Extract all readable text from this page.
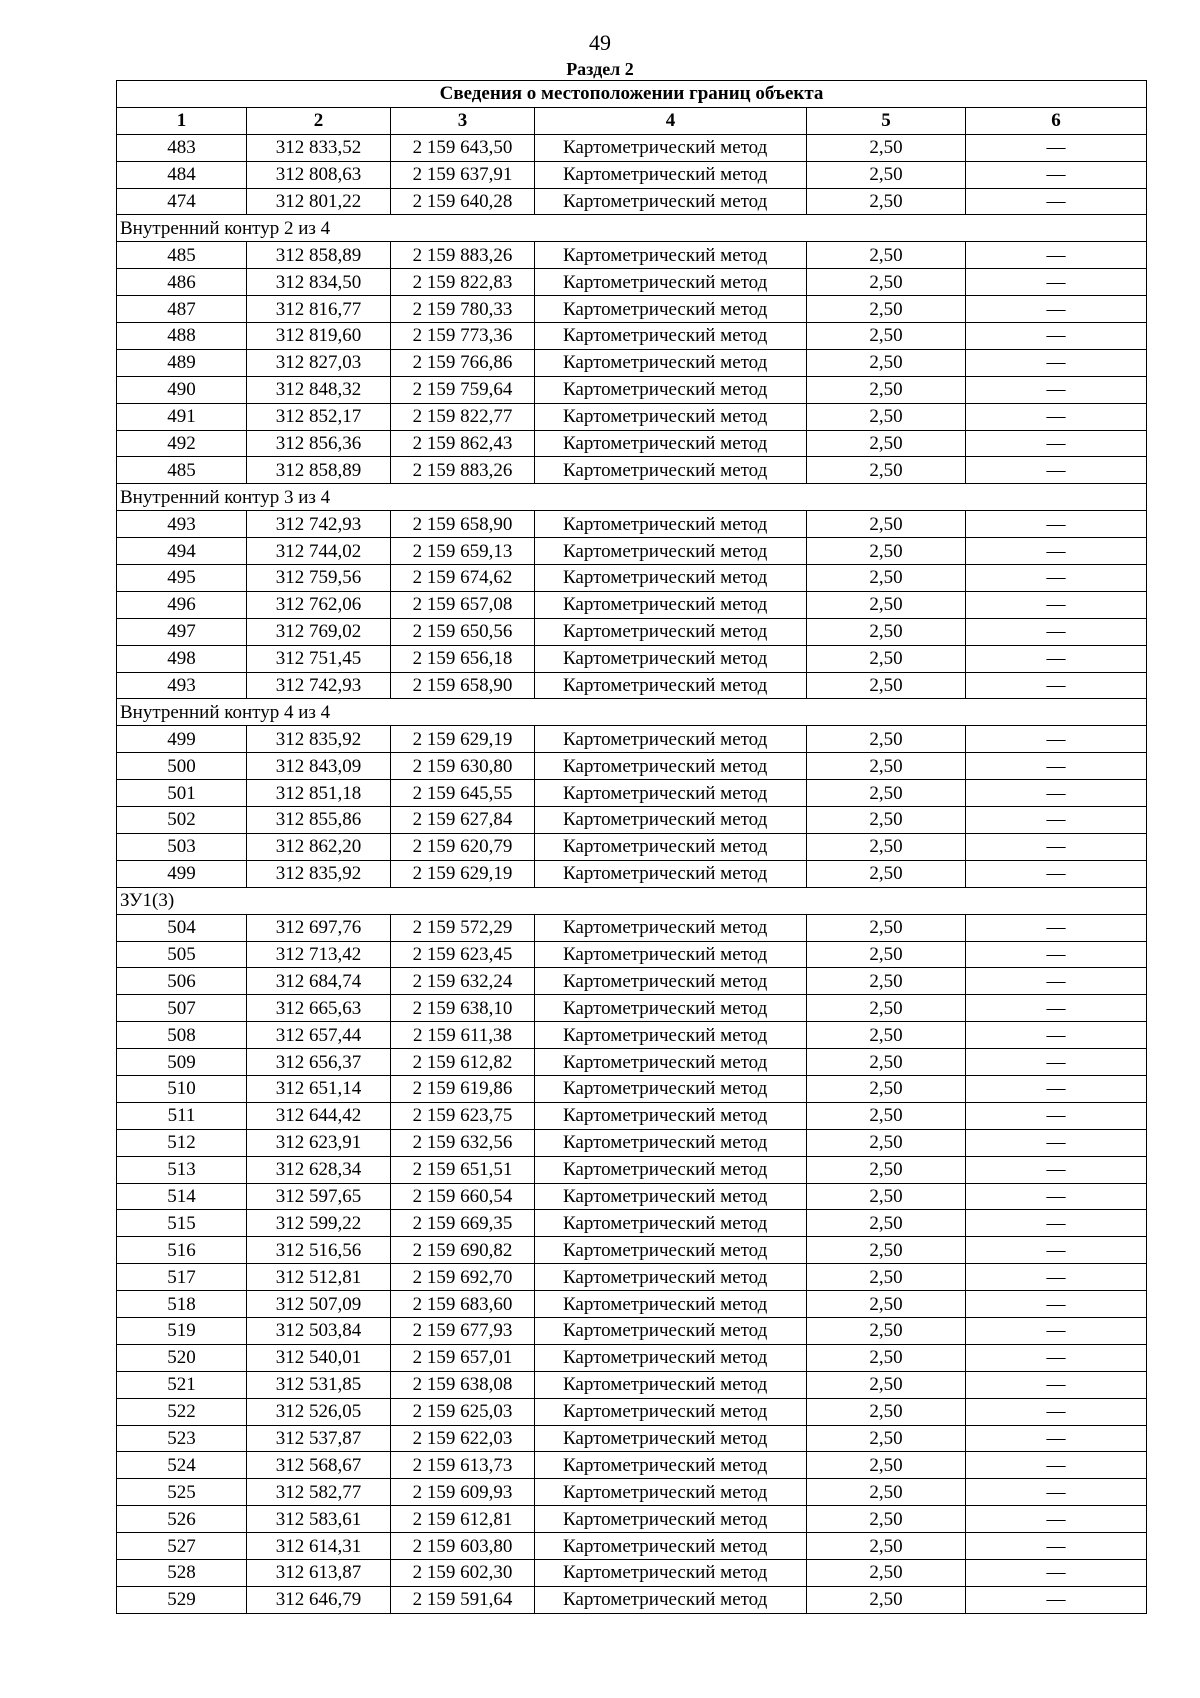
49
Раздел 2
Сведения о местоположении границ объекта					
1	2	3	4	5	6
483	312 833,52	2 159 643,50	Картометрический метод	2,50	—
484	312 808,63	2 159 637,91	Картометрический метод	2,50	—
474	312 801,22	2 159 640,28	Картометрический метод	2,50	—
Внутренний контур 2 из 4					
485	312 858,89	2 159 883,26	Картометрический метод	2,50	—
486	312 834,50	2 159 822,83	Картометрический метод	2,50	—
487	312 816,77	2 159 780,33	Картометрический метод	2,50	—
488	312 819,60	2 159 773,36	Картометрический метод	2,50	—
489	312 827,03	2 159 766,86	Картометрический метод	2,50	—
490	312 848,32	2 159 759,64	Картометрический метод	2,50	—
491	312 852,17	2 159 822,77	Картометрический метод	2,50	—
492	312 856,36	2 159 862,43	Картометрический метод	2,50	—
485	312 858,89	2 159 883,26	Картометрический метод	2,50	—
Внутренний контур 3 из 4					
493	312 742,93	2 159 658,90	Картометрический метод	2,50	—
494	312 744,02	2 159 659,13	Картометрический метод	2,50	—
495	312 759,56	2 159 674,62	Картометрический метод	2,50	—
496	312 762,06	2 159 657,08	Картометрический метод	2,50	—
497	312 769,02	2 159 650,56	Картометрический метод	2,50	—
498	312 751,45	2 159 656,18	Картометрический метод	2,50	—
493	312 742,93	2 159 658,90	Картометрический метод	2,50	—
Внутренний контур 4 из 4					
499	312 835,92	2 159 629,19	Картометрический метод	2,50	—
500	312 843,09	2 159 630,80	Картометрический метод	2,50	—
501	312 851,18	2 159 645,55	Картометрический метод	2,50	—
502	312 855,86	2 159 627,84	Картометрический метод	2,50	—
503	312 862,20	2 159 620,79	Картометрический метод	2,50	—
499	312 835,92	2 159 629,19	Картометрический метод	2,50	—
ЗУ1(3)					
504	312 697,76	2 159 572,29	Картометрический метод	2,50	—
505	312 713,42	2 159 623,45	Картометрический метод	2,50	—
506	312 684,74	2 159 632,24	Картометрический метод	2,50	—
507	312 665,63	2 159 638,10	Картометрический метод	2,50	—
508	312 657,44	2 159 611,38	Картометрический метод	2,50	—
509	312 656,37	2 159 612,82	Картометрический метод	2,50	—
510	312 651,14	2 159 619,86	Картометрический метод	2,50	—
511	312 644,42	2 159 623,75	Картометрический метод	2,50	—
512	312 623,91	2 159 632,56	Картометрический метод	2,50	—
513	312 628,34	2 159 651,51	Картометрический метод	2,50	—
514	312 597,65	2 159 660,54	Картометрический метод	2,50	—
515	312 599,22	2 159 669,35	Картометрический метод	2,50	—
516	312 516,56	2 159 690,82	Картометрический метод	2,50	—
517	312 512,81	2 159 692,70	Картометрический метод	2,50	—
518	312 507,09	2 159 683,60	Картометрический метод	2,50	—
519	312 503,84	2 159 677,93	Картометрический метод	2,50	—
520	312 540,01	2 159 657,01	Картометрический метод	2,50	—
521	312 531,85	2 159 638,08	Картометрический метод	2,50	—
522	312 526,05	2 159 625,03	Картометрический метод	2,50	—
523	312 537,87	2 159 622,03	Картометрический метод	2,50	—
524	312 568,67	2 159 613,73	Картометрический метод	2,50	—
525	312 582,77	2 159 609,93	Картометрический метод	2,50	—
526	312 583,61	2 159 612,81	Картометрический метод	2,50	—
527	312 614,31	2 159 603,80	Картометрический метод	2,50	—
528	312 613,87	2 159 602,30	Картометрический метод	2,50	—
529	312 646,79	2 159 591,64	Картометрический метод	2,50	—
